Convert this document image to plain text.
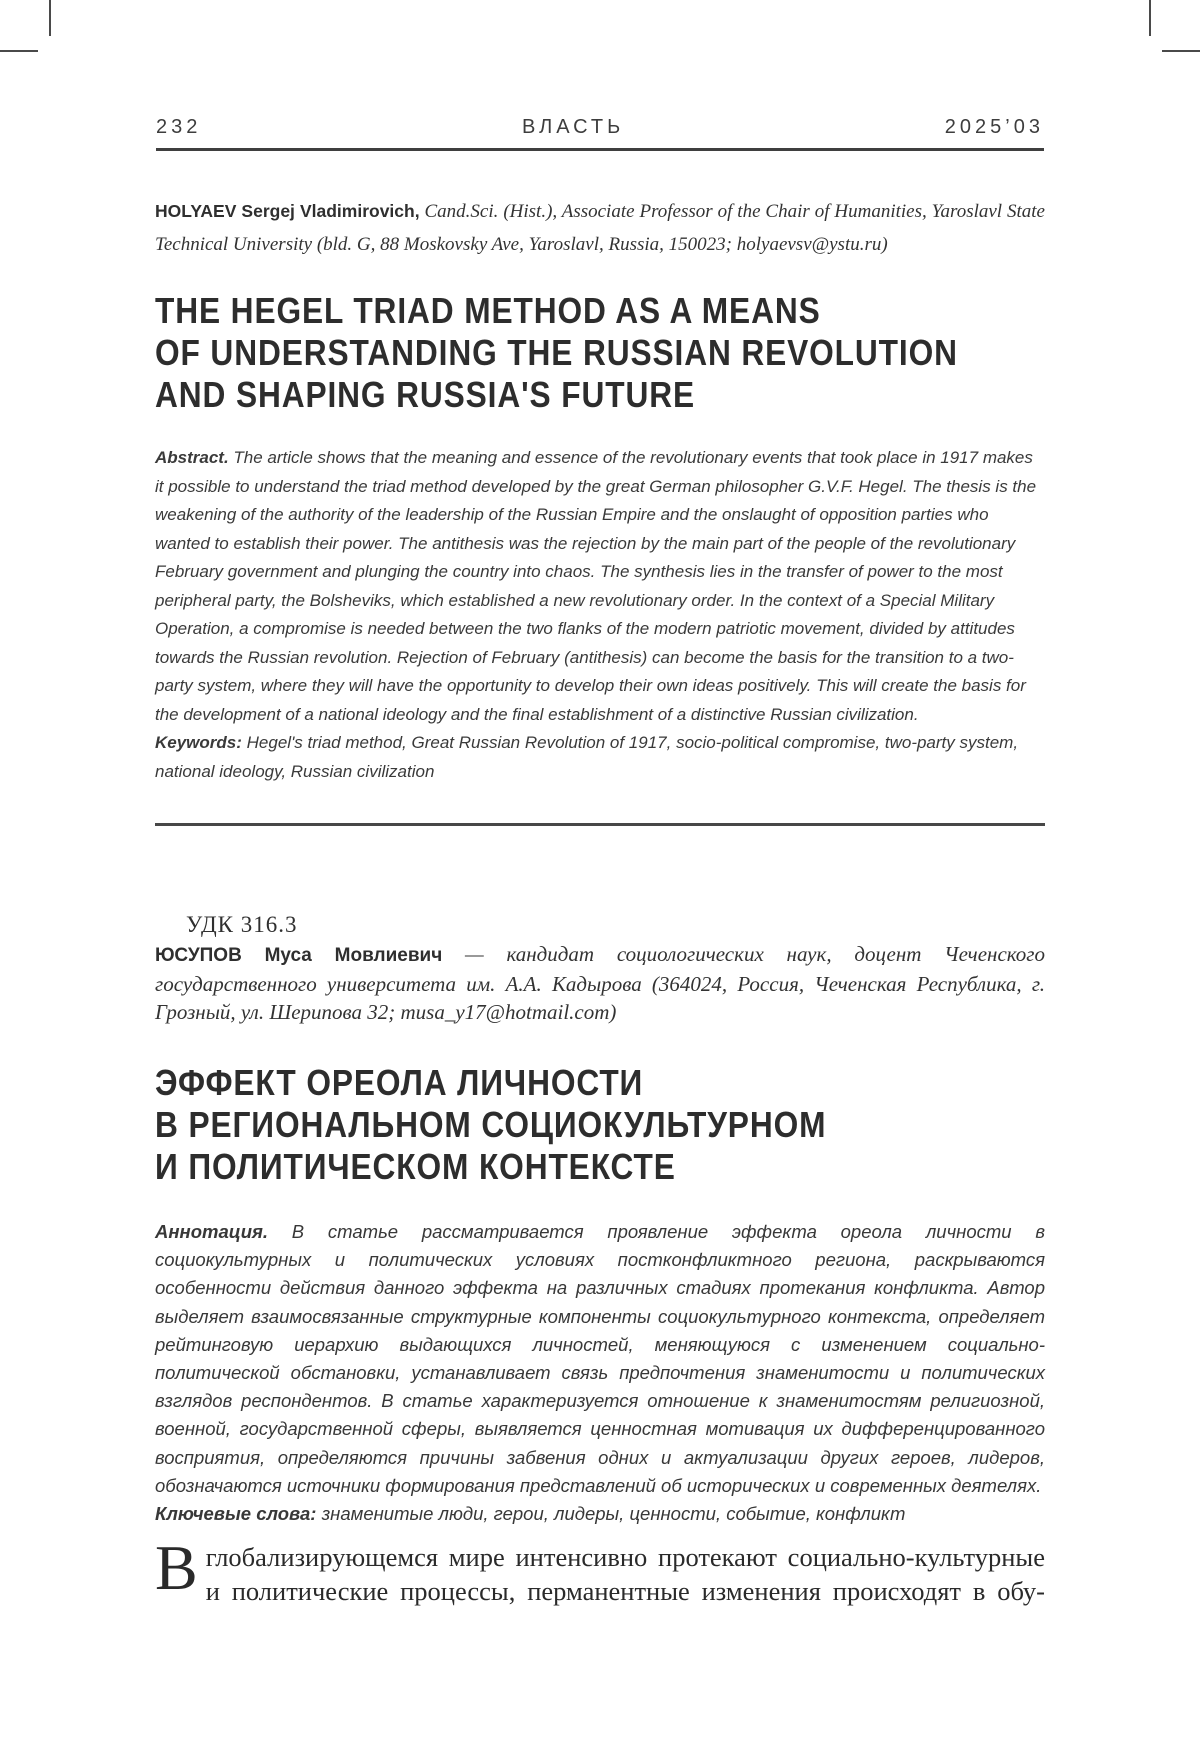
232	ВЛАСТЬ	2025’03

HOLYAEV Sergej Vladimirovich, Cand.Sci. (Hist.), Associate Professor of the Chair of Humanities, Yaroslavl State Technical University (bld. G, 88 Moskovsky Ave, Yaroslavl, Russia, 150023; holyaevsv@ystu.ru)

THE HEGEL TRIAD METHOD AS A MEANS
OF UNDERSTANDING THE RUSSIAN REVOLUTION
AND SHAPING RUSSIA'S FUTURE

Abstract. The article shows that the meaning and essence of the revolutionary events that took place in 1917 makes it possible to understand the triad method developed by the great German philosopher G.V.F. Hegel. The thesis is the weakening of the authority of the leadership of the Russian Empire and the onslaught of opposition parties who wanted to establish their power. The antithesis was the rejection by the main part of the people of the revolutionary February government and plunging the country into chaos. The synthesis lies in the transfer of power to the most peripheral party, the Bolsheviks, which established a new revolutionary order. In the context of a Special Military Operation, a compromise is needed between the two flanks of the modern patriotic movement, divided by attitudes towards the Russian revolution. Rejection of February (antithesis) can become the basis for the transition to a two-party system, where they will have the opportunity to develop their own ideas positively. This will create the basis for the development of a national ideology and the final establishment of a distinctive Russian civilization.

Keywords: Hegel's triad method, Great Russian Revolution of 1917, socio-political compromise, two-party system, national ideology, Russian civilization

УДК 316.3

ЮСУПОВ Муса Мовлиевич — кандидат социологических наук, доцент Чеченского государственного университета им. А.А. Кадырова (364024, Россия, Чеченская Республика, г. Грозный, ул. Шерипова 32; musa_y17@hotmail.com)

ЭФФЕКТ ОРЕОЛА ЛИЧНОСТИ
В РЕГИОНАЛЬНОМ СОЦИОКУЛЬТУРНОМ
И ПОЛИТИЧЕСКОМ КОНТЕКСТЕ

Аннотация. В статье рассматривается проявление эффекта ореола личности в социокультурных и политических условиях постконфликтного региона, раскрываются особенности действия данного эффекта на различных стадиях протекания конфликта. Автор выделяет взаимосвязанные структурные компоненты социокультурного контекста, определяет рейтинговую иерархию выдающихся личностей, меняющуюся с изменением социально-политической обстановки, устанавливает связь предпочтения знаменитости и политических взглядов респондентов. В статье характеризуется отношение к знаменитостям религиозной, военной, государственной сферы, выявляется ценностная мотивация их дифференцированного восприятия, определяются причины забвения одних и актуализации других героев, лидеров, обозначаются источники формирования представлений об исторических и современных деятелях.

Ключевые слова: знаменитые люди, герои, лидеры, ценности, событие, конфликт

Вглобализирующемся мире интенсивно протекают социально-культурные и политические процессы, перманентные изменения происходят в обу-
